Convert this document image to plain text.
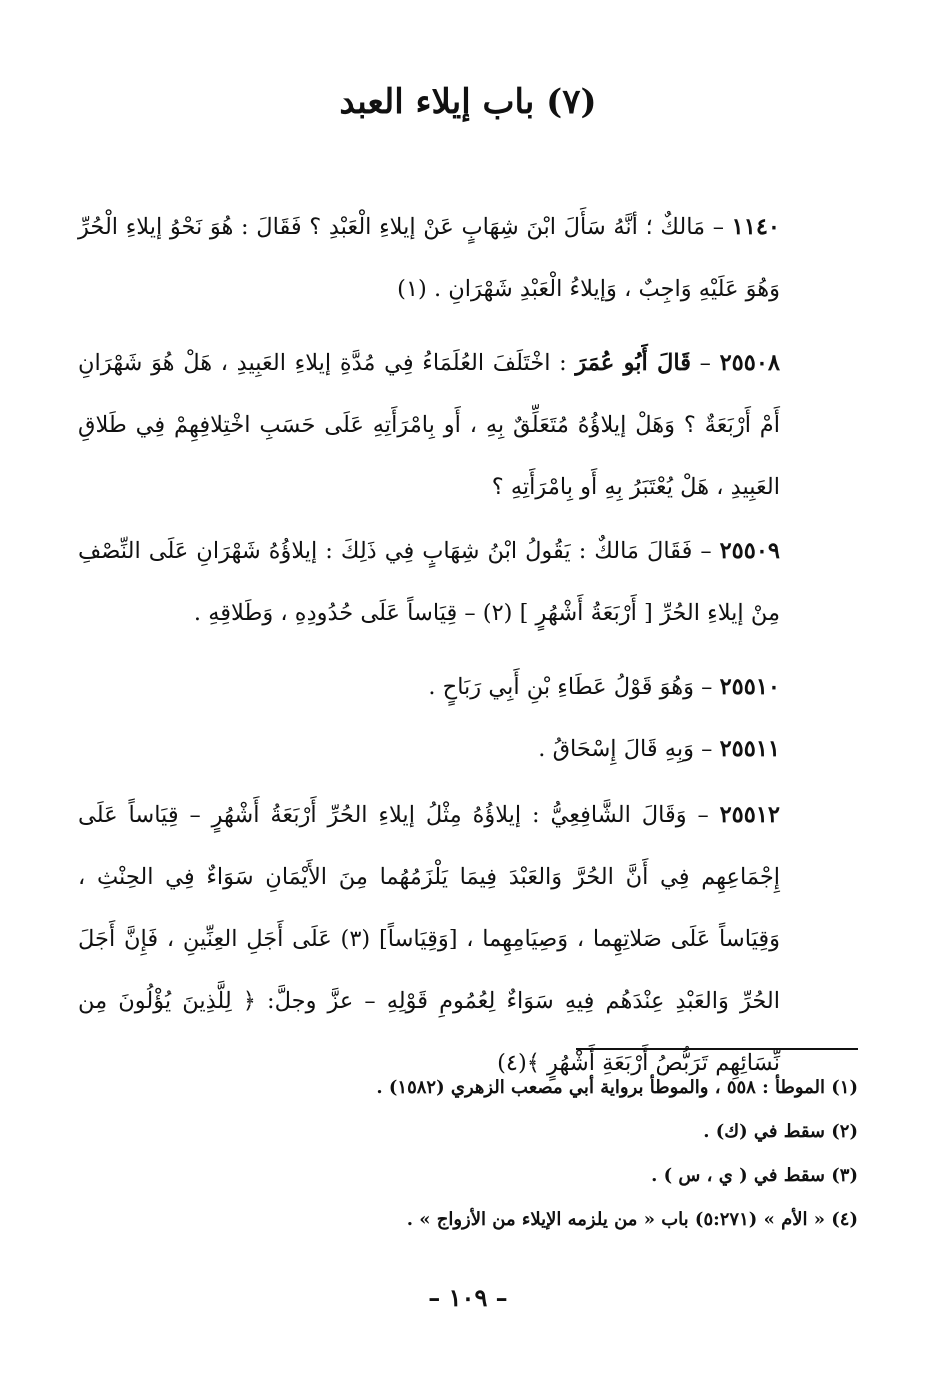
(٧) باب إيلاء العبد

١١٤٠ – مَالكٌ ؛ أنَّهُ سَأَلَ ابْنَ شِهَابٍ عَنْ إيلاءِ الْعَبْدِ ؟ فَقَالَ : هُوَ نَحْوُ إيلاءِ الْحُرِّ وَهُوَ عَلَيْهِ وَاجِبٌ ، وَإيلاءُ الْعَبْدِ شَهْرَانِ . (١)

٢٥٥٠٨ – قَالَ أَبُو عُمَرَ : اخْتَلَفَ العُلَمَاءُ فِي مُدَّةِ إيلاءِ العَبِيدِ ، هَلْ هُوَ شَهْرَانِ أَمْ أَرْبَعَةٌ ؟ وَهَلْ إيلاؤُهُ مُتَعَلِّقٌ بِهِ ، أَو بِامْرَأَتِهِ عَلَى حَسَبِ اخْتِلافِهِمْ فِي طَلاقِ العَبِيدِ ، هَلْ يُعْتَبَرُ بِهِ أَو بِامْرَأَتِهِ ؟

٢٥٥٠٩ – فَقَالَ مَالكٌ : يَقُولُ ابْنُ شِهَابٍ فِي ذَلِكَ : إيلاؤُهُ شَهْرَانِ عَلَى النِّصْفِ مِنْ إيلاءِ الحُرِّ [ أَرْبَعَةُ أَشْهُرٍ ] (٢) – قِيَاساً عَلَى حُدُودِهِ ، وَطَلاقِهِ .

٢٥٥١٠ – وَهُوَ قَوْلُ عَطَاءِ بْنِ أَبِي رَبَاحٍ .

٢٥٥١١ – وَبِهِ قَالَ إِسْحَاقُ .

٢٥٥١٢ – وَقَالَ الشَّافِعِيُّ : إيلاؤُهُ مِثْلُ إيلاءِ الحُرِّ أَرْبَعَةُ أَشْهُرٍ – قِيَاساً عَلَى إِجْمَاعِهِم فِي أَنَّ الحُرَّ وَالعَبْدَ فِيمَا يَلْزَمُهُما مِنَ الأَيْمَانِ سَوَاءٌ فِي الحِنْثِ ، وَقِيَاساً عَلَى صَلاتِهِما ، وَصِيَامِهِما ، [وَقِيَاساً] (٣) عَلَى أَجَلِ العِنِّينِ ، فَإِنَّ أَجَلَ الحُرِّ وَالعَبْدِ عِنْدَهُم فِيهِ سَوَاءٌ لِعُمُومِ قَوْلِهِ – عزَّ وجلَّ: ﴿ لِلَّذِينَ يُؤْلُونَ مِن نِّسَائِهِم تَرَبُّصُ أَرْبَعَةِ أَشْهُرٍ ﴾(٤)

(١) الموطأ : ٥٥٨ ، والموطأ برواية أبي مصعب الزهري (١٥٨٢) .
(٢) سقط في (ك) .
(٣) سقط في ( ي ، س ) .
(٤) « الأم » (٥:٢٧١) باب « من يلزمه الإيلاء من الأزواج » .
– ١٠٩ –
